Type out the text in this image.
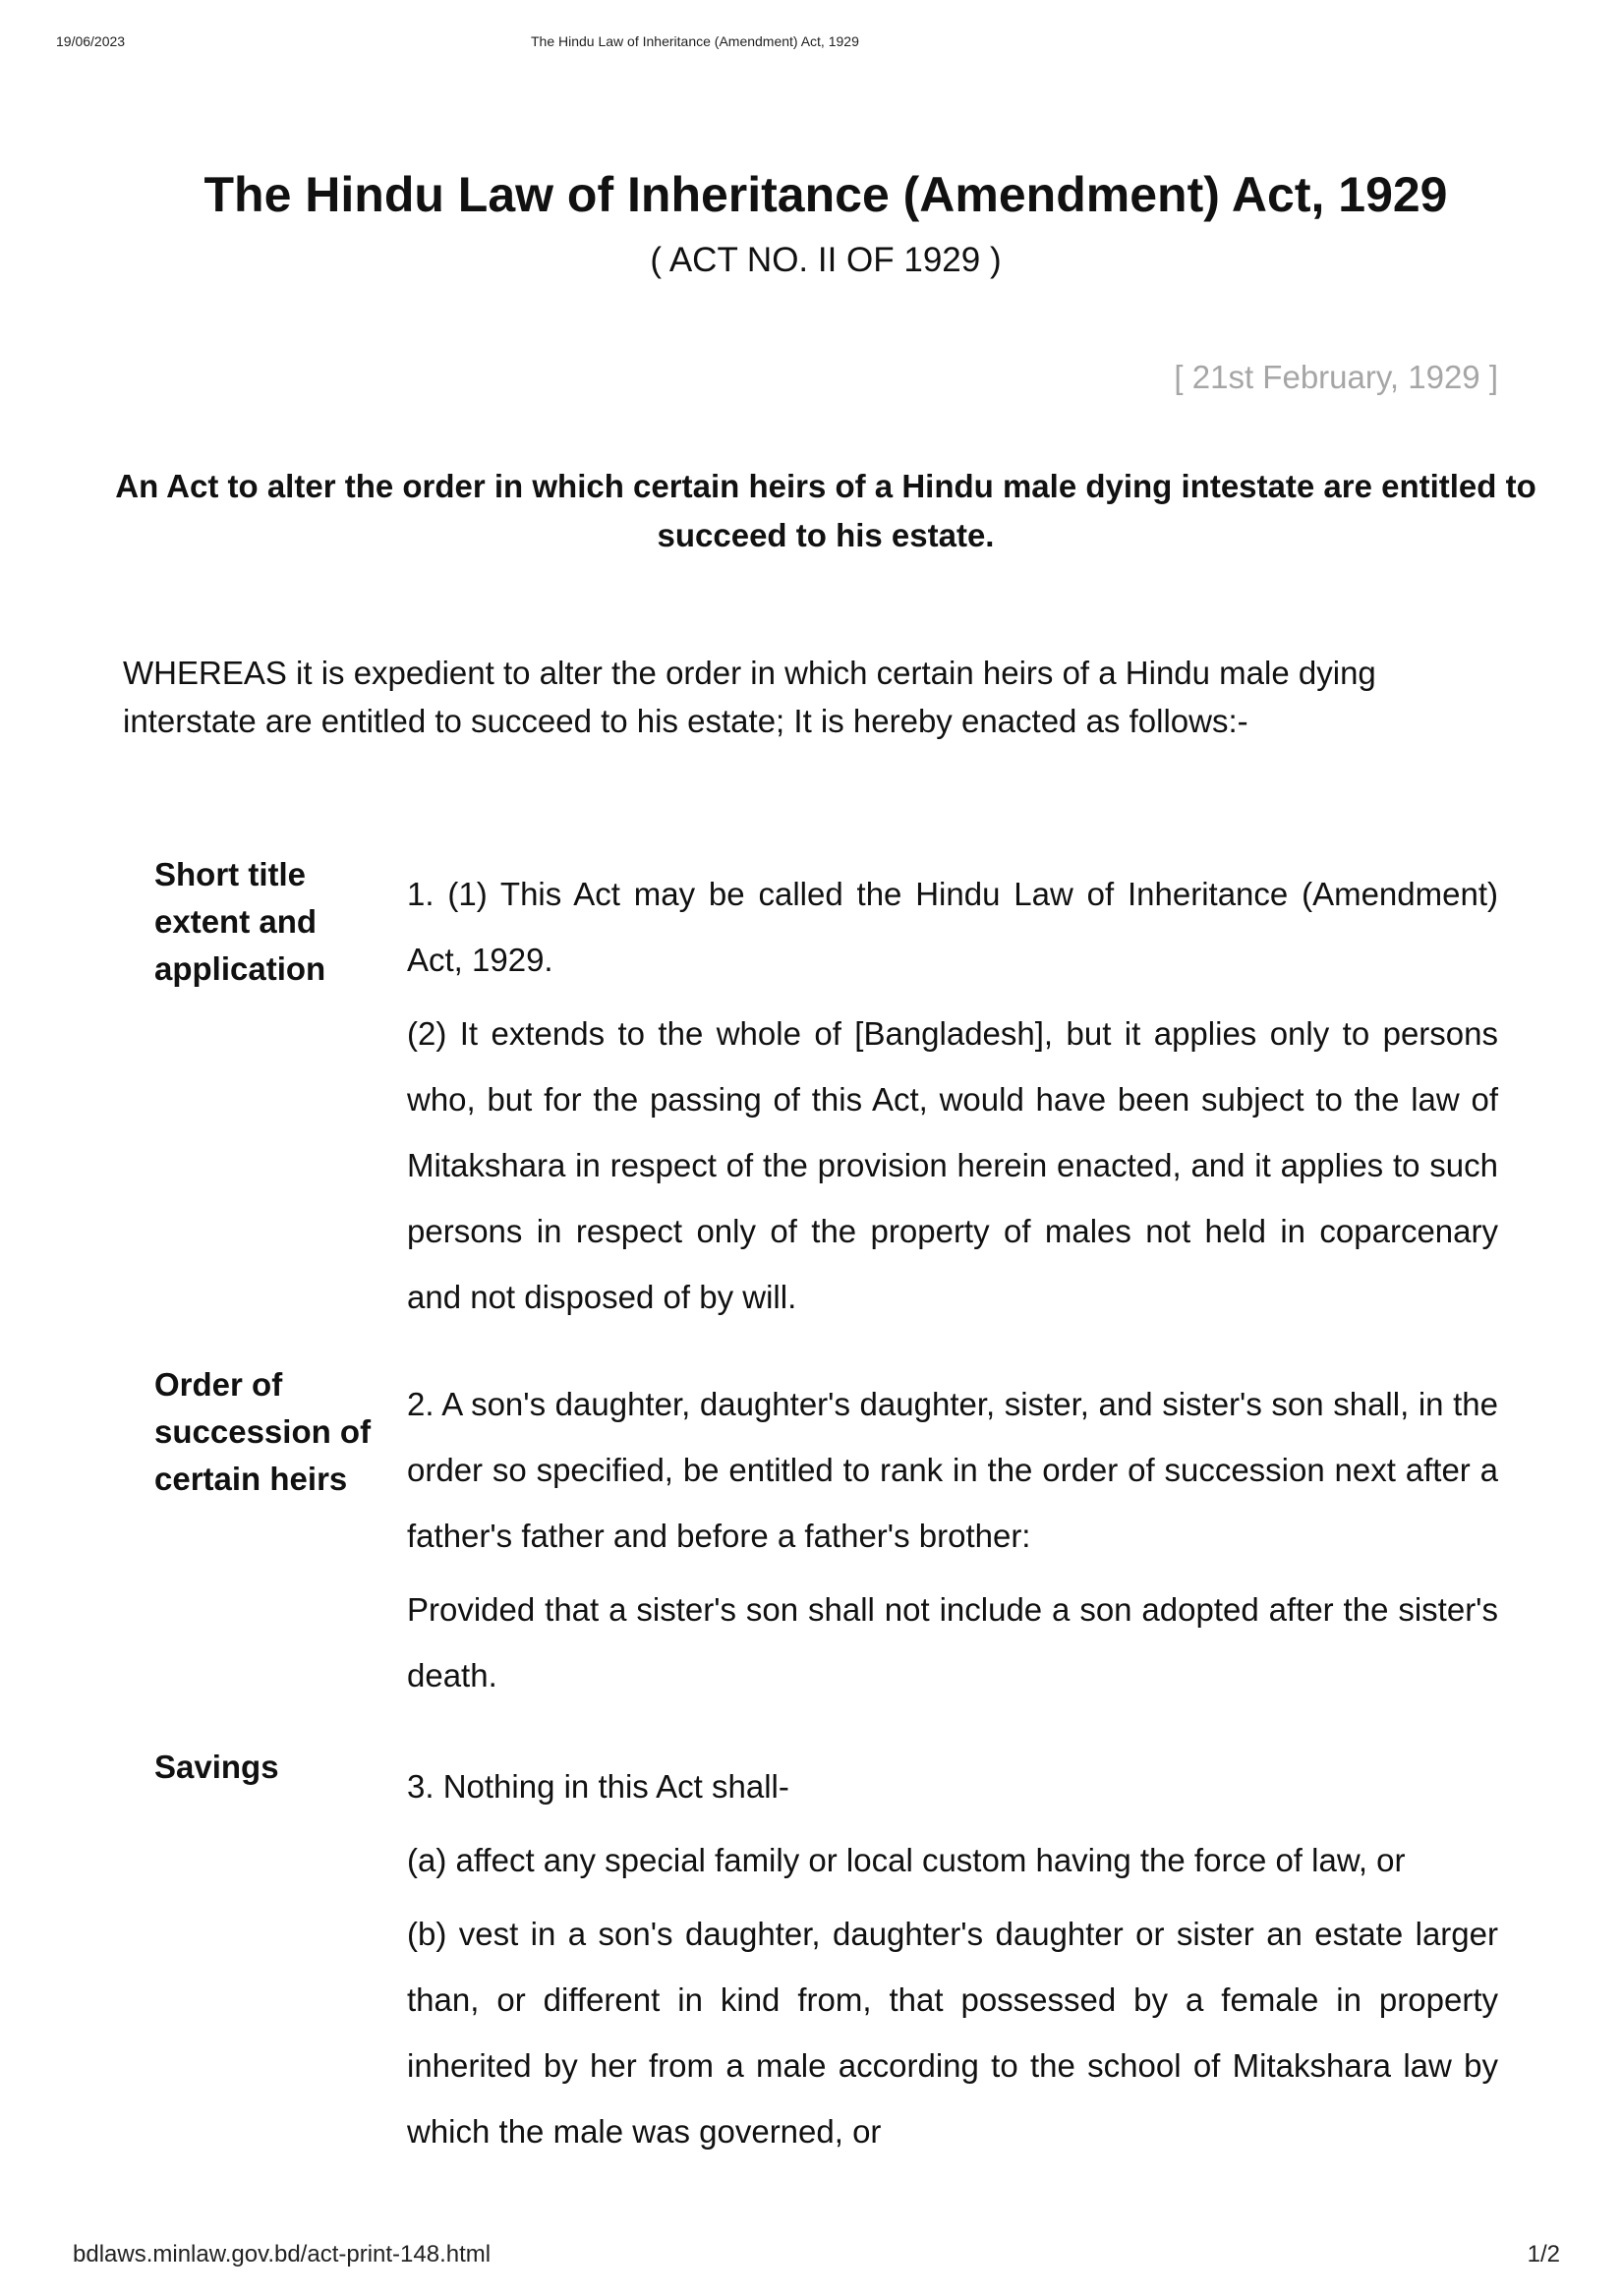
19/06/2023	The Hindu Law of Inheritance (Amendment) Act, 1929
The Hindu Law of Inheritance (Amendment) Act, 1929
( ACT NO. II OF 1929 )
[ 21st February, 1929 ]
An Act to alter the order in which certain heirs of a Hindu male dying intestate are entitled to succeed to his estate.
WHEREAS it is expedient to alter the order in which certain heirs of a Hindu male dying interstate are entitled to succeed to his estate; It is hereby enacted as follows:-
Short title extent and application

1. (1) This Act may be called the Hindu Law of Inheritance (Amendment) Act, 1929.

(2) It extends to the whole of [Bangladesh], but it applies only to persons who, but for the passing of this Act, would have been subject to the law of Mitakshara in respect of the provision herein enacted, and it applies to such persons in respect only of the property of males not held in coparcenary and not disposed of by will.

Order of succession of certain heirs

2. A son's daughter, daughter's daughter, sister, and sister's son shall, in the order so specified, be entitled to rank in the order of succession next after a father's father and before a father's brother:

Provided that a sister's son shall not include a son adopted after the sister's death.

Savings

3. Nothing in this Act shall-

(a) affect any special family or local custom having the force of law, or

(b) vest in a son's daughter, daughter's daughter or sister an estate larger than, or different in kind from, that possessed by a female in property inherited by her from a male according to the school of Mitakshara law by which the male was governed, or

bdlaws.minlaw.gov.bd/act-print-148.html	1/2
